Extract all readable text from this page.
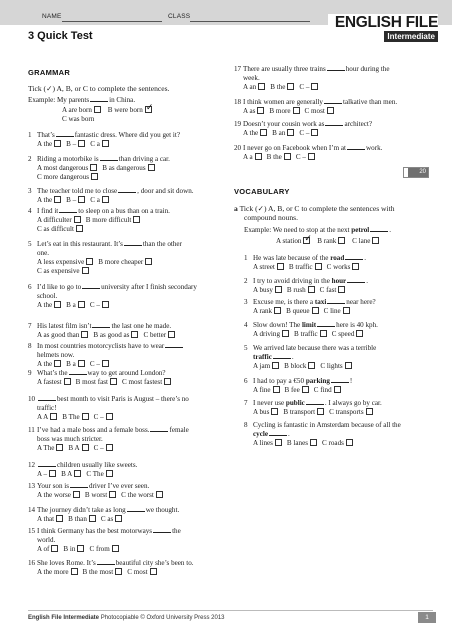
NAME	CLASS	ENGLISH FILE
Intermediate
3 Quick Test
GRAMMAR
Tick (✓) A, B, or C to complete the sentences.
Example: My parents	in China.
A are born B were born✓
C was born
1 That’s	fantastic dress. Where did you get it?
A the B – C a
2 Riding a motorbike is	than driving a car.
A most dangerous B as dangerous
C more dangerous
3 The teacher told me to close	, door and sit down.
A the B – C a
4 I find it	to sleep on a bus than on a train.
A difficulter B more difficult
C as difficult
5 Let’s eat in this restaurant. It’s	than the other
one.
A less expensive B more cheaper
C as expensive
6 I’d like to go to	university after I finish secondary
school.
A the B a C –
7 His latest film isn’t	the last one he made.
A as good than B as good as C better
8 In most countries motorcyclists have to wear
helmets now.
A the B a C –
9 What’s the	way to get around London?
A fastest B most fast C most fastest
10	best month to visit Paris is August – there’s no
traffic!
A A B The C –
11 I’ve had a male boss and a female boss.	female
boss was much stricter.
A The B A C –
12	children usually like sweets.
A – B A C The
13 Your son is	driver I’ve ever seen.
A the worse B worst C the worst
14 The journey didn’t take as long	we thought.
A that B than C as
15 I think Germany has the best motorways	the
world.
A of B in C from
16 She loves Rome. It’s	beautiful city she’s been to.
A the more B the most C most
17 There are usually three trains	hour during the
week.
A an B the C –
18 I think women are generally	talkative than men.
A as B more C most
19 Doesn’t your cousin work as	architect?
A the B an C –
20 I never go on Facebook when I’m at	work.
A a B the C –
VOCABULARY
a Tick (✓) A, B, or C to complete the sentences with
compound nouns.
Example: We need to stop at the next petrol	.
A station✓ B rank C lane
1 He was late because of the road	.
A street B traffic C works
2 I try to avoid driving in the hour	.
A busy B rush C fast
3 Excuse me, is there a taxi	near here?
A rank B queue C line
4 Slow down! The limit	here is 40 kph.
A driving B traffic C speed
5 We arrived late because there was a terrible
traffic	.
A jam B block C lights
6 I had to pay a €50 parking	!
A fine B fee C find
7 I never use public	. I always go by car.
A bus B transport C transports
8 Cycling is fantastic in Amsterdam because of all the
cycle	.
A lines B lanes C roads
20
English File Intermediate Photocopiable © Oxford University Press 2013	1
